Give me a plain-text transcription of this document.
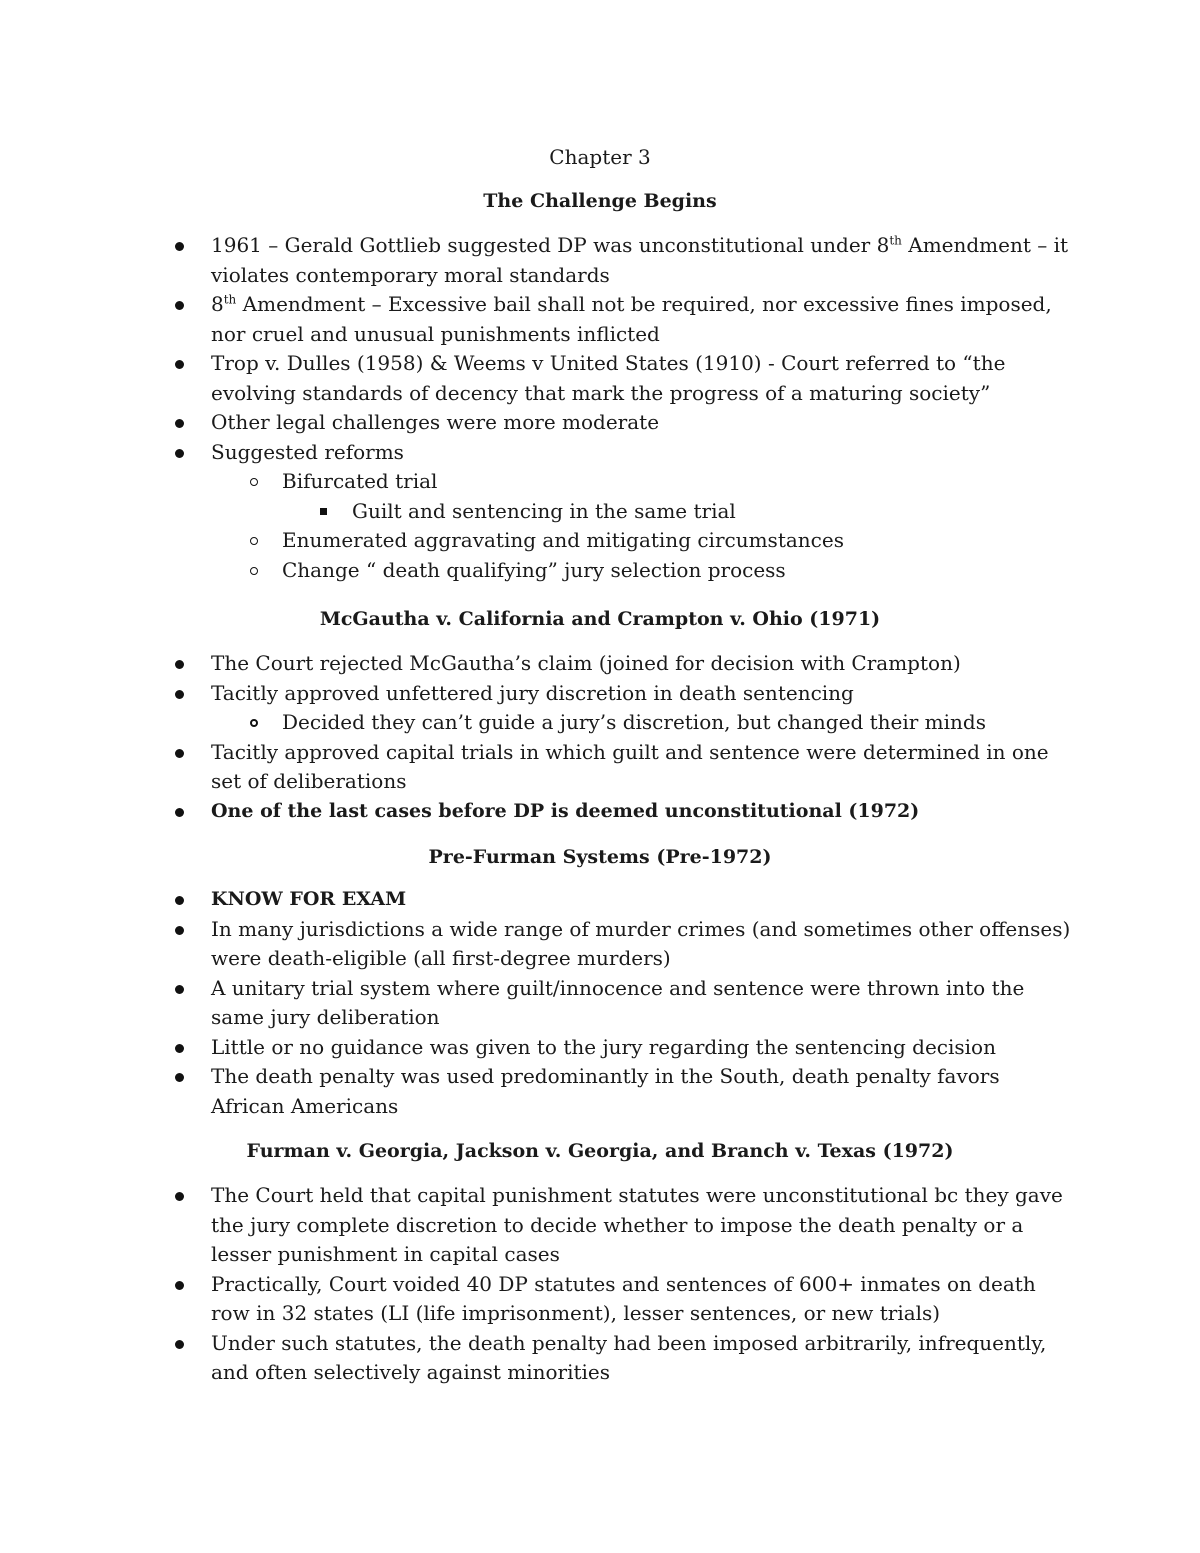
Chapter 3
The Challenge Begins
1961 – Gerald Gottlieb suggested DP was unconstitutional under 8th Amendment – it violates contemporary moral standards
8th Amendment – Excessive bail shall not be required, nor excessive fines imposed, nor cruel and unusual punishments inflicted
Trop v. Dulles (1958) & Weems v United States (1910) - Court referred to “the evolving standards of decency that mark the progress of a maturing society”
Other legal challenges were more moderate
Suggested reforms
Bifurcated trial
Guilt and sentencing in the same trial
Enumerated aggravating and mitigating circumstances
Change “ death qualifying” jury selection process
McGautha v. California and Crampton v. Ohio (1971)
The Court rejected McGautha’s claim (joined for decision with Crampton)
Tacitly approved unfettered jury discretion in death sentencing
Decided they can’t guide a jury’s discretion, but changed their minds
Tacitly approved capital trials in which guilt and sentence were determined in one set of deliberations
One of the last cases before DP is deemed unconstitutional (1972)
Pre-Furman Systems (Pre-1972)
KNOW FOR EXAM
In many jurisdictions a wide range of murder crimes (and sometimes other offenses) were death-eligible (all first-degree murders)
A unitary trial system where guilt/innocence and sentence were thrown into the same jury deliberation
Little or no guidance was given to the jury regarding the sentencing decision
The death penalty was used predominantly in the South, death penalty favors African Americans
Furman v. Georgia, Jackson v. Georgia, and Branch v. Texas (1972)
The Court held that capital punishment statutes were unconstitutional bc they gave the jury complete discretion to decide whether to impose the death penalty or a lesser punishment in capital cases
Practically, Court voided 40 DP statutes and sentences of 600+ inmates on death row in 32 states (LI (life imprisonment), lesser sentences, or new trials)
Under such statutes, the death penalty had been imposed arbitrarily, infrequently, and often selectively against minorities
